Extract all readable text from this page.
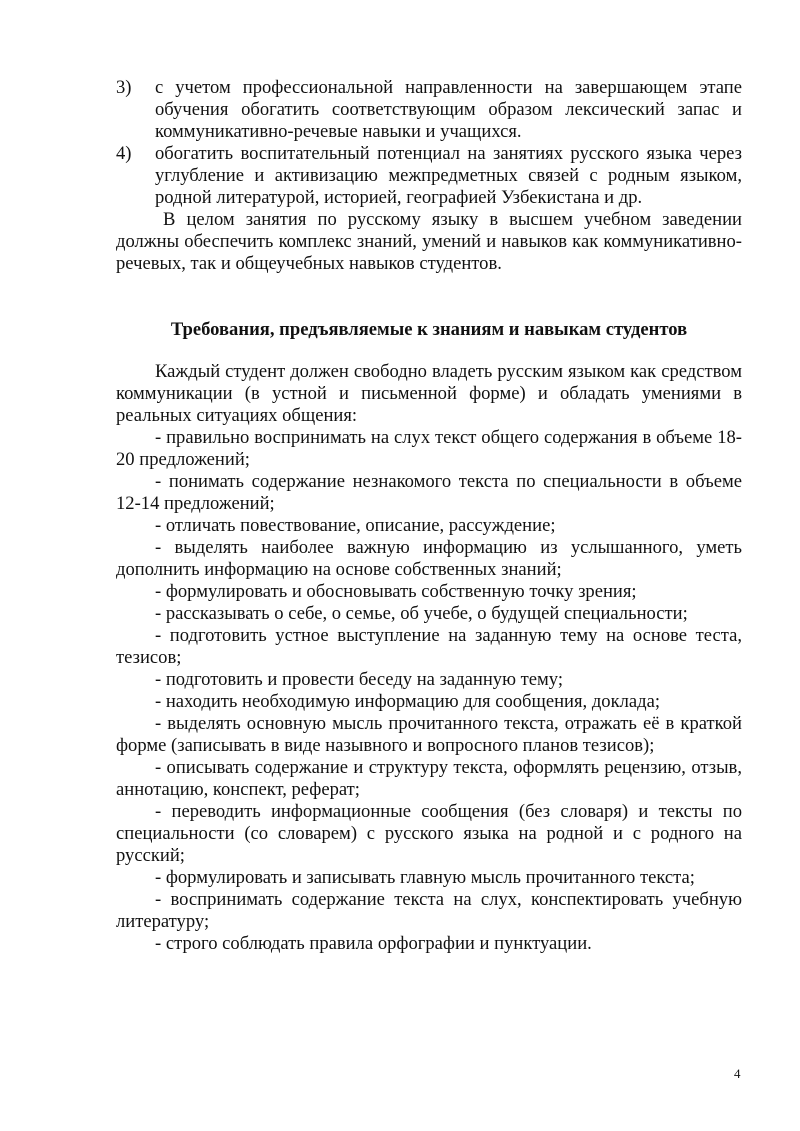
3)	с учетом профессиональной направленности на завершающем этапе обучения обогатить соответствующим образом лексический запас и коммуникативно-речевые навыки и учащихся.
4)	обогатить воспитательный потенциал на занятиях русского языка через углубление и активизацию межпредметных связей с родным языком, родной литературой, историей, географией Узбекистана и др.

В целом занятия по русскому языку в высшем учебном заведении должны обеспечить комплекс знаний, умений и навыков как коммуникативно-речевых, так и общеучебных навыков студентов.

Требования, предъявляемые к знаниям и навыкам студентов

Каждый студент должен свободно владеть русским языком как средством коммуникации (в устной и письменной форме) и обладать умениями в реальных ситуациях общения:

- правильно воспринимать на слух текст общего содержания в объеме 18-20 предложений;

- понимать содержание незнакомого текста по специальности в объеме 12-14 предложений;

- отличать повествование, описание, рассуждение;

- выделять наиболее важную информацию из услышанного, уметь дополнить информацию на основе собственных знаний;

- формулировать и обосновывать собственную точку зрения;

- рассказывать о себе, о семье, об учебе, о будущей специальности;

- подготовить устное выступление на заданную тему на основе теста, тезисов;

- подготовить и провести беседу на заданную тему;

- находить необходимую информацию для сообщения, доклада;

- выделять основную мысль прочитанного текста, отражать её в краткой форме (записывать в виде назывного и вопросного планов тезисов);

- описывать содержание и структуру текста, оформлять рецензию, отзыв, аннотацию, конспект, реферат;

- переводить информационные сообщения (без словаря) и тексты по специальности (со словарем) с русского языка на родной и с родного на русский;

- формулировать и записывать главную мысль прочитанного текста;

- воспринимать содержание текста на слух, конспектировать учебную литературу;

- строго соблюдать правила орфографии и пунктуации.

4
